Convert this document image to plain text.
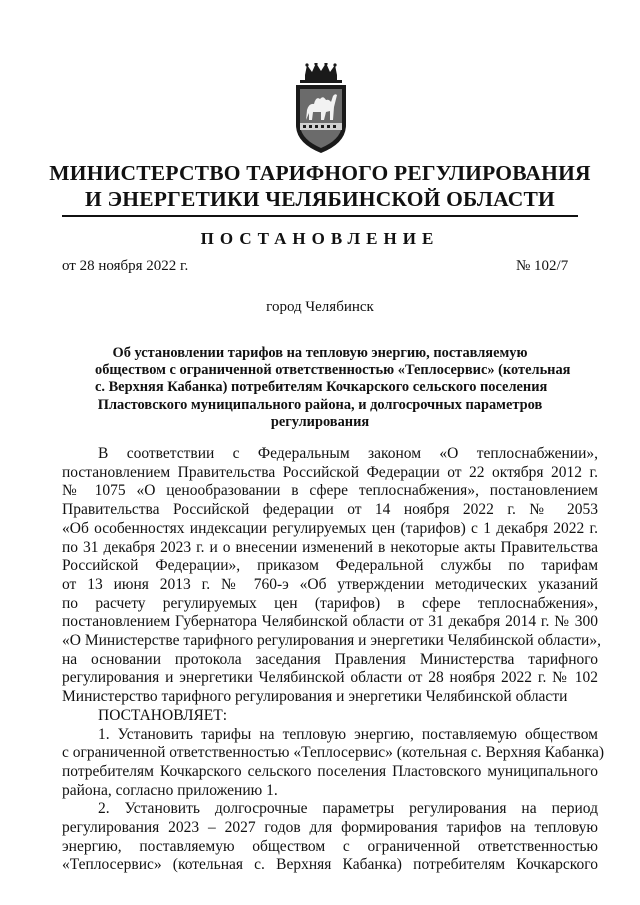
МИНИСТЕРСТВО ТАРИФНОГО РЕГУЛИРОВАНИЯ
И ЭНЕРГЕТИКИ ЧЕЛЯБИНСКОЙ ОБЛАСТИ
ПОСТАНОВЛЕНИЕ
от 28 ноября 2022 г.	№ 102/7
город Челябинск
Об установлении тарифов на тепловую энергию, поставляемую
обществом с ограниченной ответственностью «Теплосервис» (котельная
с. Верхняя Кабанка) потребителям Кочкарского сельского поселения
Пластовского муниципального района, и долгосрочных параметров
регулирования
В соответствии с Федеральным законом «О теплоснабжении»,
постановлением Правительства Российской Федерации от 22 октября 2012 г.
№ 1075 «О ценообразовании в сфере теплоснабжения», постановлением
Правительства Российской федерации от 14 ноября 2022 г. № 2053
«Об особенностях индексации регулируемых цен (тарифов) с 1 декабря 2022 г.
по 31 декабря 2023 г. и о внесении изменений в некоторые акты Правительства
Российской Федерации», приказом Федеральной службы по тарифам
от 13 июня 2013 г. № 760-э «Об утверждении методических указаний
по расчету регулируемых цен (тарифов) в сфере теплоснабжения»,
постановлением Губернатора Челябинской области от 31 декабря 2014 г. № 300
«О Министерстве тарифного регулирования и энергетики Челябинской области»,
на основании протокола заседания Правления Министерства тарифного
регулирования и энергетики Челябинской области от 28 ноября 2022 г. № 102
Министерство тарифного регулирования и энергетики Челябинской области
ПОСТАНОВЛЯЕТ:
1. Установить тарифы на тепловую энергию, поставляемую обществом
с ограниченной ответственностью «Теплосервис» (котельная с. Верхняя Кабанка)
потребителям Кочкарского сельского поселения Пластовского муниципального
района, согласно приложению 1.
2. Установить долгосрочные параметры регулирования на период
регулирования 2023 – 2027 годов для формирования тарифов на тепловую
энергию, поставляемую обществом с ограниченной ответственностью
«Теплосервис» (котельная с. Верхняя Кабанка) потребителям Кочкарского
